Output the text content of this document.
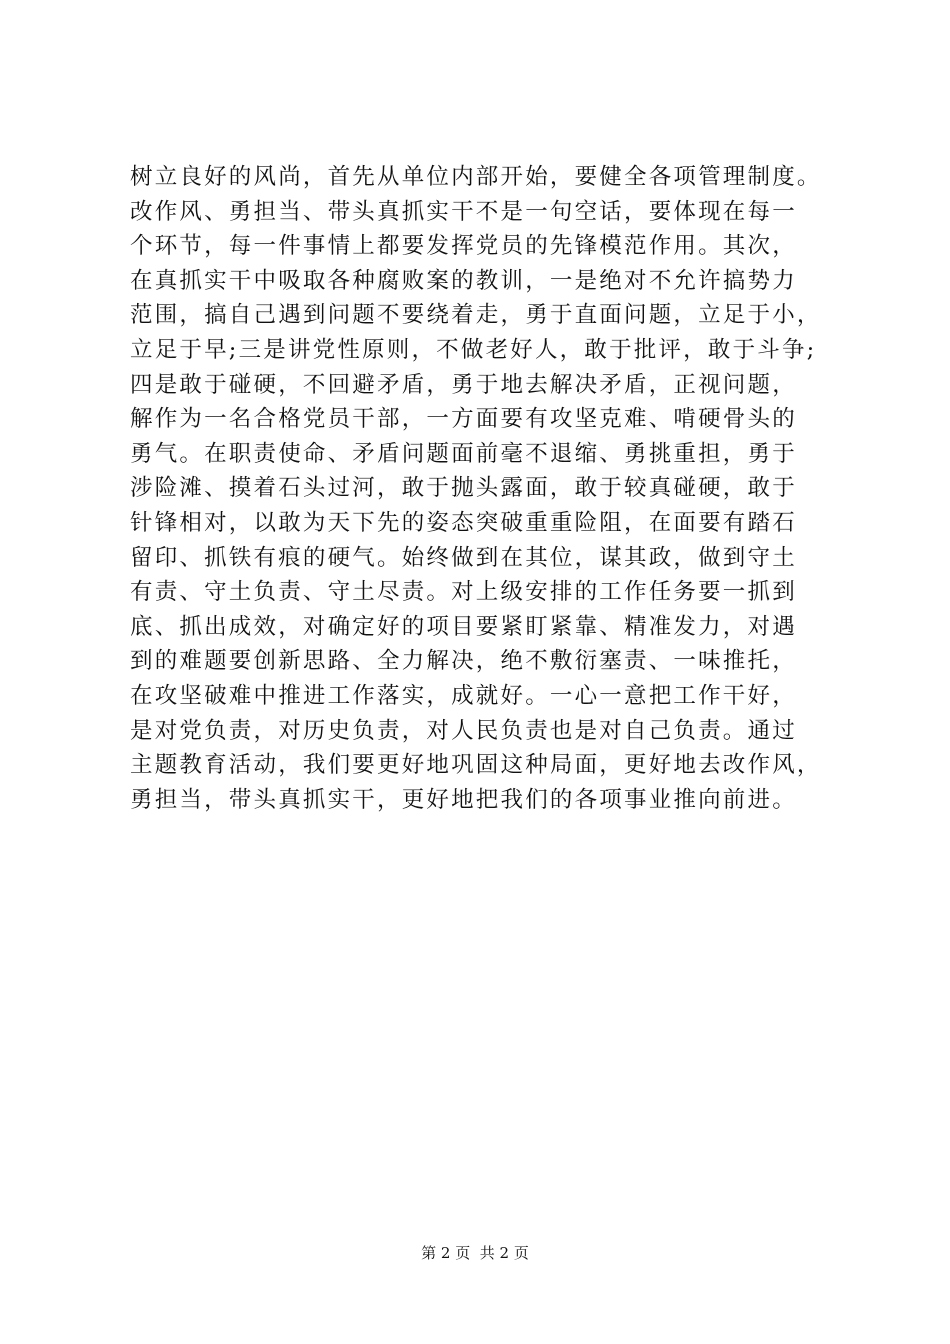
树立良好的风尚，首先从单位内部开始，要健全各项管理制度。
改作风、勇担当、带头真抓实干不是一句空话，要体现在每一
个环节，每一件事情上都要发挥党员的先锋模范作用。其次，
在真抓实干中吸取各种腐败案的教训，一是绝对不允许搞势力
范围，搞自己遇到问题不要绕着走，勇于直面问题，立足于小，
立足于早;三是讲党性原则，不做老好人，敢于批评，敢于斗争;
四是敢于碰硬，不回避矛盾，勇于地去解决矛盾，正视问题，
解作为一名合格党员干部，一方面要有攻坚克难、啃硬骨头的
勇气。在职责使命、矛盾问题面前毫不退缩、勇挑重担，勇于
涉险滩、摸着石头过河，敢于抛头露面，敢于较真碰硬，敢于
针锋相对，以敢为天下先的姿态突破重重险阻，在面要有踏石
留印、抓铁有痕的硬气。始终做到在其位，谋其政，做到守土
有责、守土负责、守土尽责。对上级安排的工作任务要一抓到
底、抓出成效，对确定好的项目要紧盯紧靠、精准发力，对遇
到的难题要创新思路、全力解决，绝不敷衍塞责、一味推托，
在攻坚破难中推进工作落实，成就好。一心一意把工作干好，
是对党负责，对历史负责，对人民负责也是对自己负责。通过
主题教育活动，我们要更好地巩固这种局面，更好地去改作风，
勇担当，带头真抓实干，更好地把我们的各项事业推向前进。
第 2 页  共 2 页
